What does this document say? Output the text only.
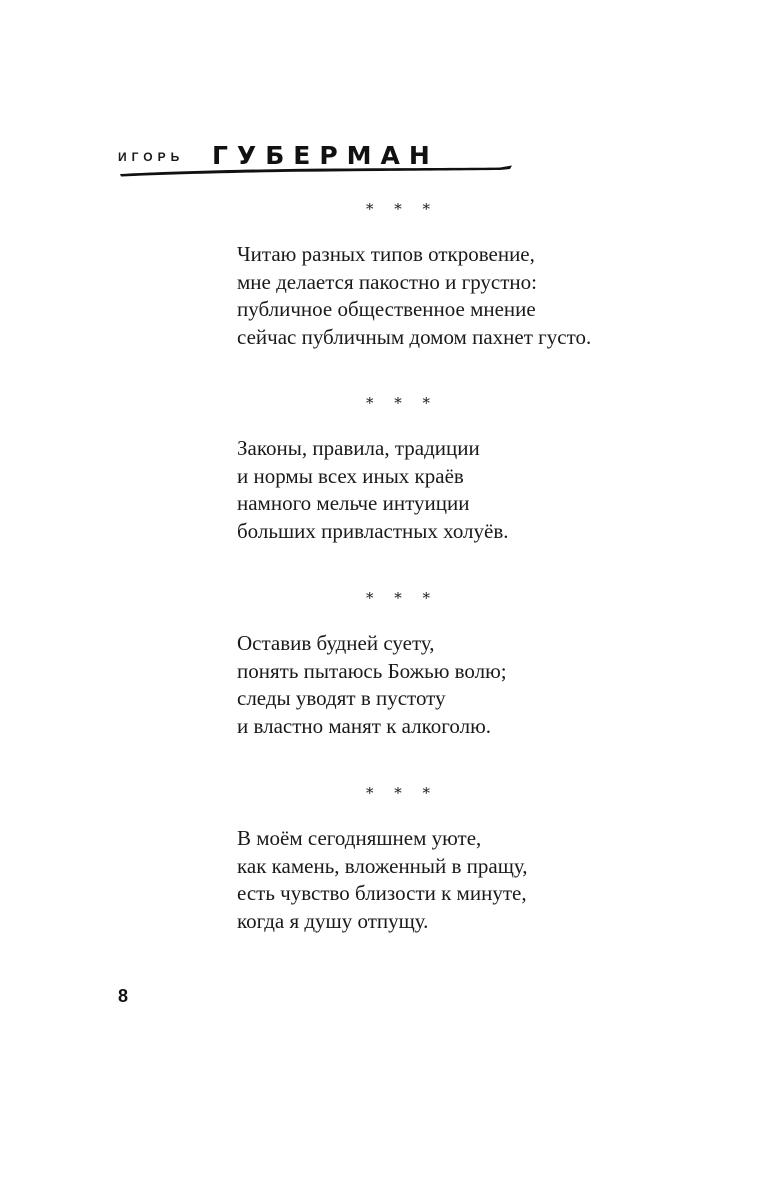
ИГОРЬ ГУБЕРМАН
* * *
Читаю разных типов откровение,
мне делается пакостно и грустно:
публичное общественное мнение
сейчас публичным домом пахнет густо.
* * *
Законы, правила, традиции
и нормы всех иных краёв
намного мельче интуиции
больших привластных холуёв.
* * *
Оставив будней суету,
понять пытаюсь Божью волю;
следы уводят в пустоту
и властно манят к алкоголю.
* * *
В моём сегодняшнем уюте,
как камень, вложенный в пращу,
есть чувство близости к минуте,
когда я душу отпущу.
8
